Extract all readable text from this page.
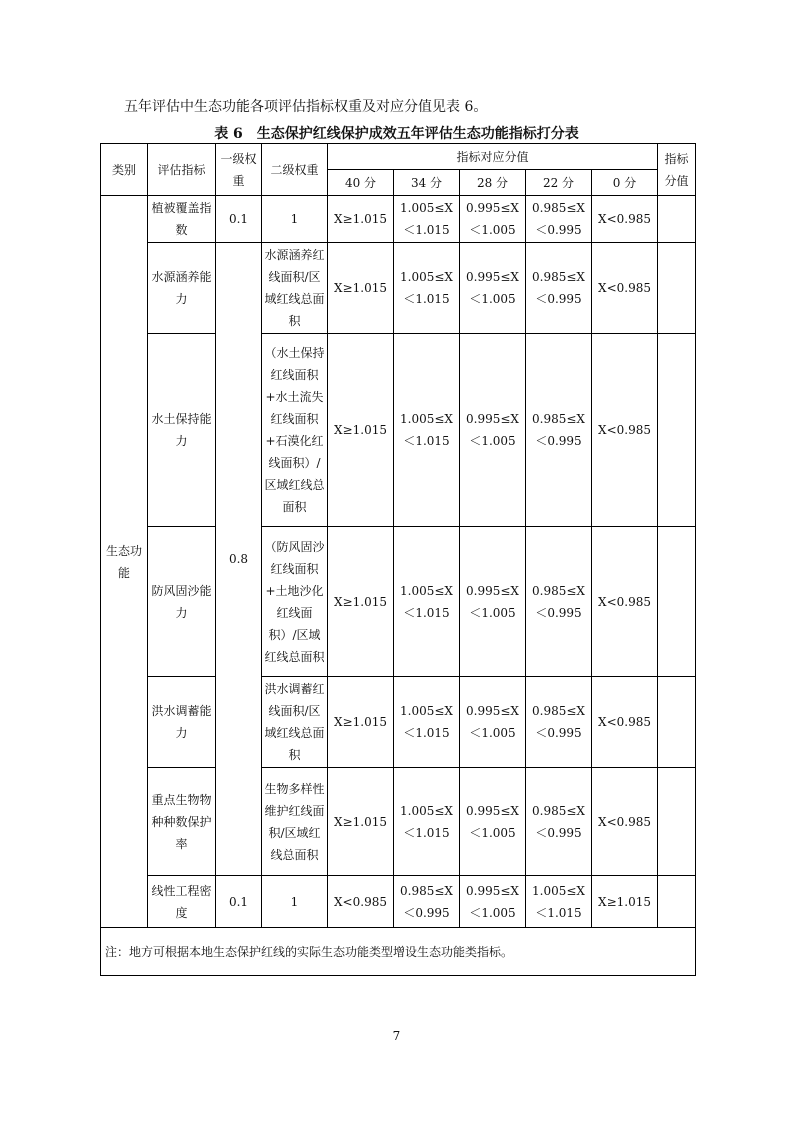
五年评估中生态功能各项评估指标权重及对应分值见表 6。
表 6　生态保护红线保护成效五年评估生态功能指标打分表
类别	评估指标	一级权重	二级权重	指标对应分值					指标分值
				40 分	34 分	28 分	22 分	0 分	
生态功能	植被覆盖指数	0.1	1	X≥1.015	1.005≤X＜1.015	0.995≤X＜1.005	0.985≤X＜0.995	X<0.985	
	水源涵养能力	0.8	水源涵养红线面积/区域红线总面积	X≥1.015	1.005≤X＜1.015	0.995≤X＜1.005	0.985≤X＜0.995	X<0.985	
	水土保持能力		（水土保持红线面积+水土流失红线面积+石漠化红线面积）/区域红线总面积	X≥1.015	1.005≤X＜1.015	0.995≤X＜1.005	0.985≤X＜0.995	X<0.985	
	防风固沙能力		（防风固沙红线面积+土地沙化红线面积）/区域红线总面积	X≥1.015	1.005≤X＜1.015	0.995≤X＜1.005	0.985≤X＜0.995	X<0.985	
	洪水调蓄能力		洪水调蓄红线面积/区域红线总面积	X≥1.015	1.005≤X＜1.015	0.995≤X＜1.005	0.985≤X＜0.995	X<0.985	
	重点生物物种种数保护率		生物多样性维护红线面积/区域红线总面积	X≥1.015	1.005≤X＜1.015	0.995≤X＜1.005	0.985≤X＜0.995	X<0.985	
	线性工程密度	0.1	1	X<0.985	0.985≤X＜0.995	0.995≤X＜1.005	1.005≤X＜1.015	X≥1.015	
注：地方可根据本地生态保护红线的实际生态功能类型增设生态功能类指标。									
7
